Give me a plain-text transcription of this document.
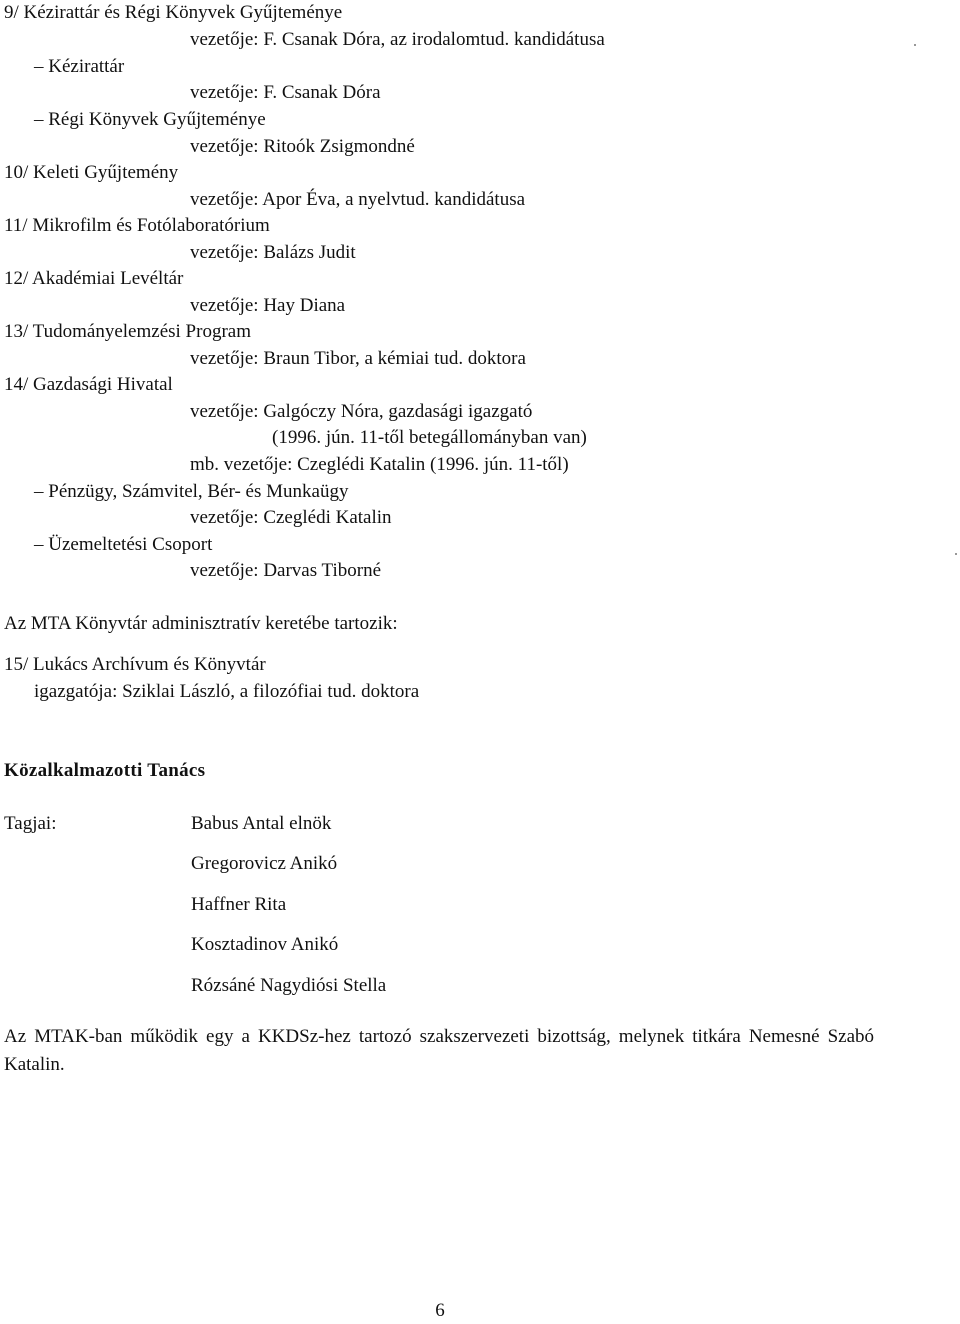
9/ Kézirattár és Régi Könyvek Gyűjteménye
vezetője: F. Csanak Dóra, az irodalomtud. kandidátusa
– Kézirattár
vezetője: F. Csanak Dóra
– Régi Könyvek Gyűjteménye
vezetője: Ritoók Zsigmondné
10/ Keleti Gyűjtemény
vezetője: Apor Éva, a nyelvtud. kandidátusa
11/ Mikrofilm és Fotólaboratórium
vezetője: Balázs Judit
12/ Akadémiai Levéltár
vezetője: Hay Diana
13/ Tudományelemzési Program
vezetője: Braun Tibor, a kémiai tud. doktora
14/ Gazdasági Hivatal
vezetője: Galgóczy Nóra, gazdasági igazgató
(1996. jún. 11-től betegállományban van)
mb. vezetője: Czeglédi Katalin (1996. jún. 11-től)
– Pénzügy, Számvitel, Bér- és Munkaügy
vezetője: Czeglédi Katalin
– Üzemeltetési Csoport
vezetője: Darvas Tiborné
Az MTA Könyvtár adminisztratív keretébe tartozik:
15/ Lukács Archívum és Könyvtár
igazgatója: Sziklai László, a filozófiai tud. doktora
Közalkalmazotti Tanács
Tagjai:	Babus Antal elnök
Gregorovicz Anikó
Haffner Rita
Kosztadinov Anikó
Rózsáné Nagydiósi Stella
Az MTAK-ban működik egy a KKDSz-hez tartozó szakszervezeti bizottság, melynek titkára Nemesné Szabó Katalin.
6
